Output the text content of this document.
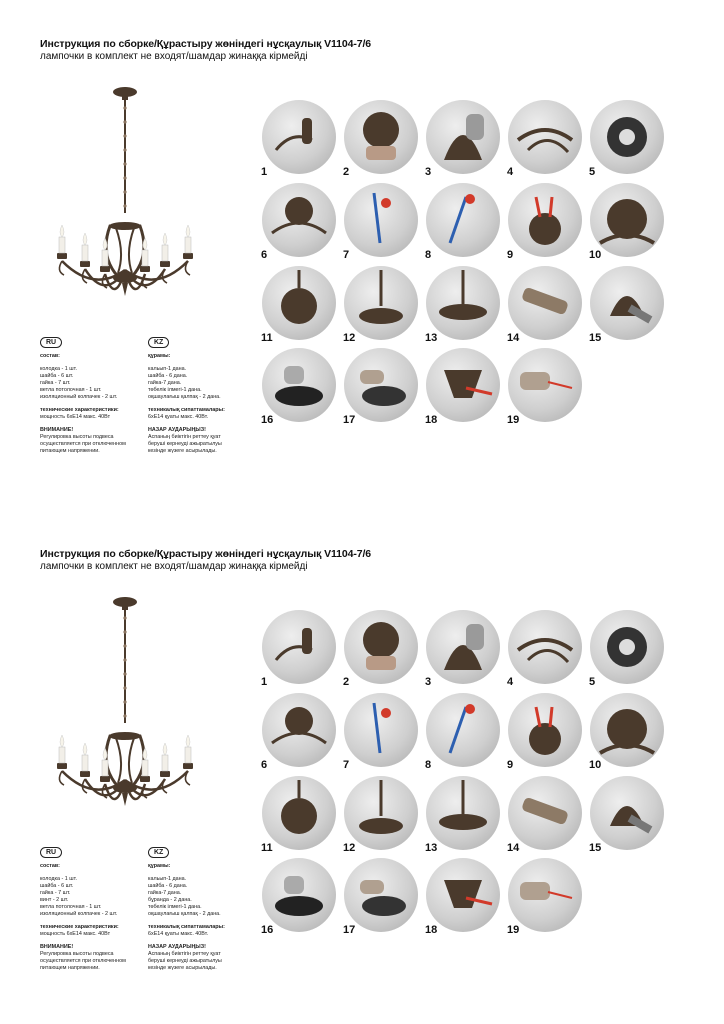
Инструкция по сборке/Құрастыру жөніндегі нұсқаулық V1104-7/6
лампочки в комплект не входят/шамдар жинаққа кірмейді
RU
состав:
колодка - 1 шт.
шайба - 6 шт.
гайка - 7 шт.
ветла потолочная - 1 шт.
изоляционный колпачек - 2 шт.
технические характеристики:
мощность 6xE14 макс. 40Вт
ВНИМАНИЕ!
Регулировка высоты подвеса
осуществляется при отключенном
питающем напряжении.
KZ
құрамы:
кальып-1 дана.
шайба - 6 дана.
гайка-7 дана.
төбелік ілмегі-1 дана.
оқшаулағыш қалпақ - 2 дана.
техникалық сипаттамалары:
6xE14 қуаты макс. 40Вт.
НАЗАР АУДАРЫҢЫЗ!
Аспаның биіктігін реттеу қуат
беруші кернеуді ажыратылуы
кезінде жүзеге асырылады.
1	2	3	4	5
6	7	8	9	10
11	12	13	14	15
16	17	18	19
Инструкция по сборке/Құрастыру жөніндегі нұсқаулық V1104-7/6
лампочки в комплект не входят/шамдар жинаққа кірмейді
RU
состав:
колодка - 1 шт.
шайба - 6 шт.
гайка - 7 шт.
винт - 2 шт.
ветла потолочная - 1 шт.
изоляционный колпачек - 2 шт.
технические характеристики:
мощность 6xE14 макс. 40Вт
ВНИМАНИЕ!
Регулировка высоты подвеса
осуществляется при отключенном
питающем напряжении.
KZ
құрамы:
кальып-1 дана.
шайба - 6 дана.
гайка-7 дана.
бұранда - 2 дана.
төбелік ілмегі-1 дана.
оқшаулағыш қалпақ - 2 дана.
техникалық сипаттамалары:
6xE14 қуаты макс. 40Вт.
НАЗАР АУДАРЫҢЫЗ!
Аспаның биіктігін реттеу қуат
беруші кернеуді ажыратылуы
кезінде жүзеге асырылады.
1	2	3	4	5
6	7	8	9	10
11	12	13	14	15
16	17	18	19
